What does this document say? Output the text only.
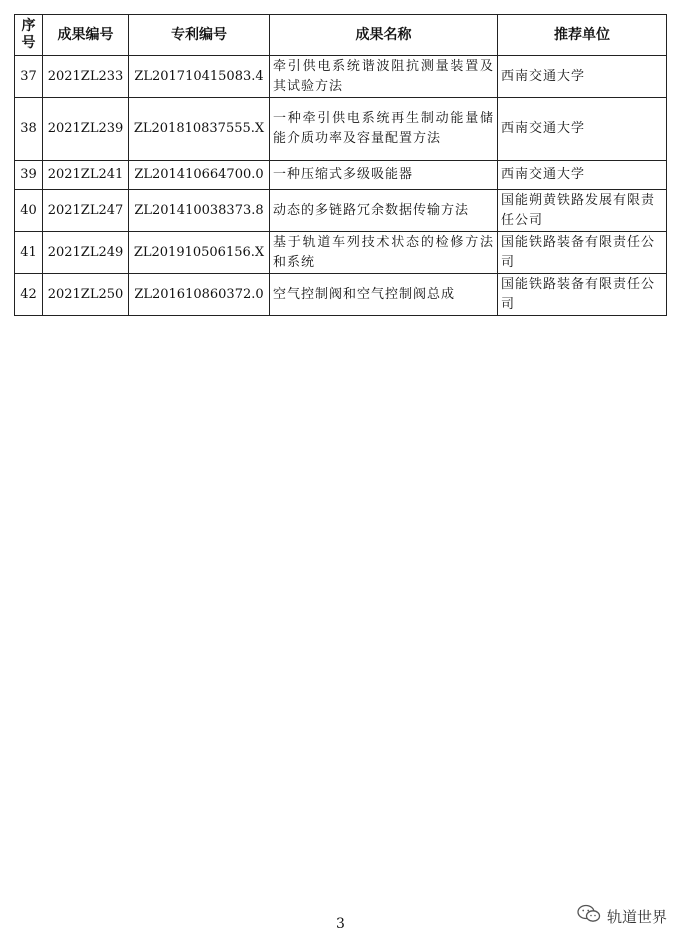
序号	成果编号	专利编号	成果名称	推荐单位
37	2021ZL233	ZL201710415083.4	牵引供电系统谐波阻抗测量装置及其试验方法	西南交通大学
38	2021ZL239	ZL201810837555.X	一种牵引供电系统再生制动能量储能介质功率及容量配置方法	西南交通大学
39	2021ZL241	ZL201410664700.0	一种压缩式多级吸能器	西南交通大学
40	2021ZL247	ZL201410038373.8	动态的多链路冗余数据传输方法	国能朔黄铁路发展有限责任公司
41	2021ZL249	ZL201910506156.X	基于轨道车列技术状态的检修方法和系统	国能铁路装备有限责任公司
42	2021ZL250	ZL201610860372.0	空气控制阀和空气控制阀总成	国能铁路装备有限责任公司
3	轨道世界
